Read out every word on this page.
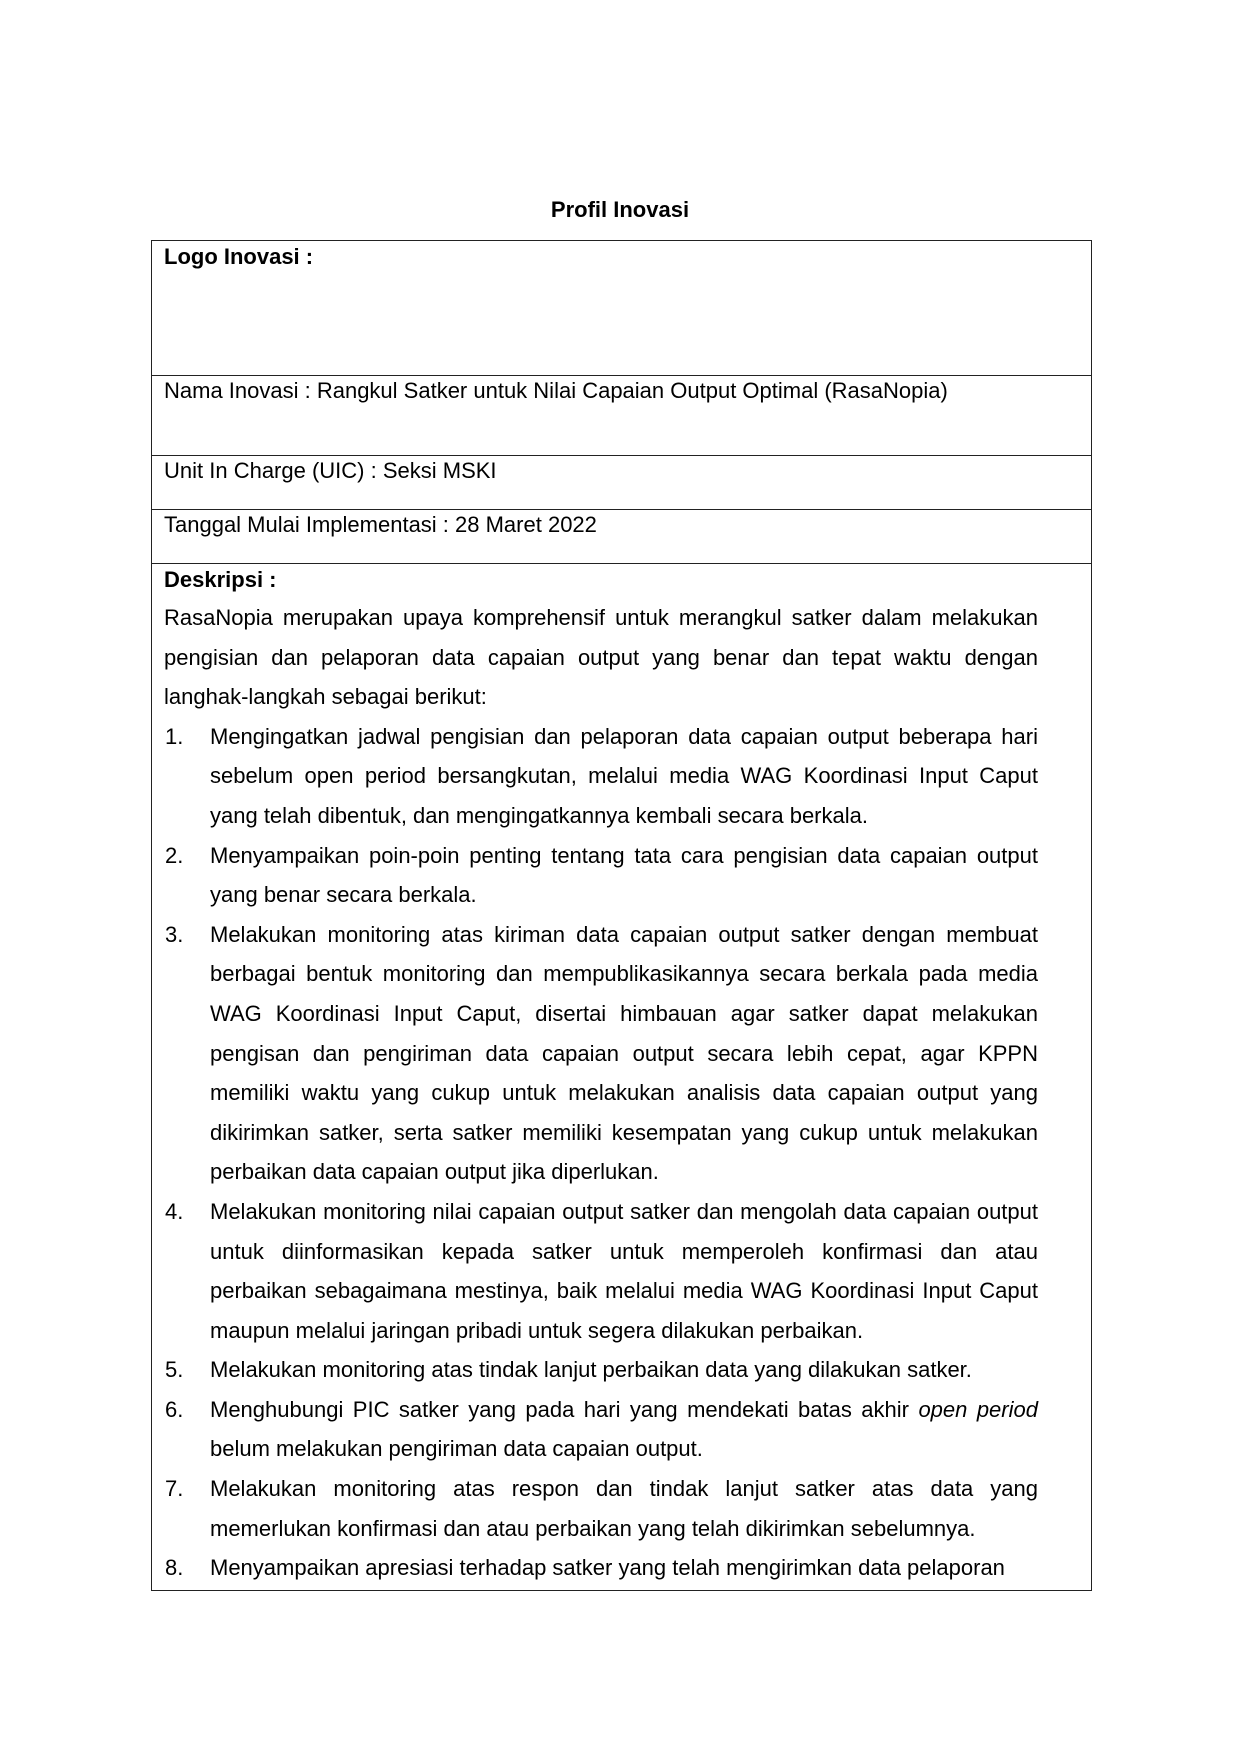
Profil Inovasi
Logo Inovasi :
Nama Inovasi : Rangkul Satker untuk Nilai Capaian Output Optimal (RasaNopia)
Unit In Charge (UIC) : Seksi MSKI
Tanggal Mulai Implementasi : 28 Maret 2022
Deskripsi :

RasaNopia merupakan upaya komprehensif untuk merangkul satker dalam melakukan pengisian dan pelaporan data capaian output yang benar dan tepat waktu dengan langhak-langkah sebagai berikut:

1. Mengingatkan jadwal pengisian dan pelaporan data capaian output beberapa hari sebelum open period bersangkutan, melalui media WAG Koordinasi Input Caput yang telah dibentuk, dan mengingatkannya kembali secara berkala.
2. Menyampaikan poin-poin penting tentang tata cara pengisian data capaian output yang benar secara berkala.
3. Melakukan monitoring atas kiriman data capaian output satker dengan membuat berbagai bentuk monitoring dan mempublikasikannya secara berkala pada media WAG Koordinasi Input Caput, disertai himbauan agar satker dapat melakukan pengisan dan pengiriman data capaian output secara lebih cepat, agar KPPN memiliki waktu yang cukup untuk melakukan analisis data capaian output yang dikirimkan satker, serta satker memiliki kesempatan yang cukup untuk melakukan perbaikan data capaian output jika diperlukan.
4. Melakukan monitoring nilai capaian output satker dan mengolah data capaian output untuk diinformasikan kepada satker untuk memperoleh konfirmasi dan atau perbaikan sebagaimana mestinya, baik melalui media WAG Koordinasi Input Caput maupun melalui jaringan pribadi untuk segera dilakukan perbaikan.
5. Melakukan monitoring atas tindak lanjut perbaikan data yang dilakukan satker.
6. Menghubungi PIC satker yang pada hari yang mendekati batas akhir open period belum melakukan pengiriman data capaian output.
7. Melakukan monitoring atas respon dan tindak lanjut satker atas data yang memerlukan konfirmasi dan atau perbaikan yang telah dikirimkan sebelumnya.
8. Menyampaikan apresiasi terhadap satker yang telah mengirimkan data pelaporan
